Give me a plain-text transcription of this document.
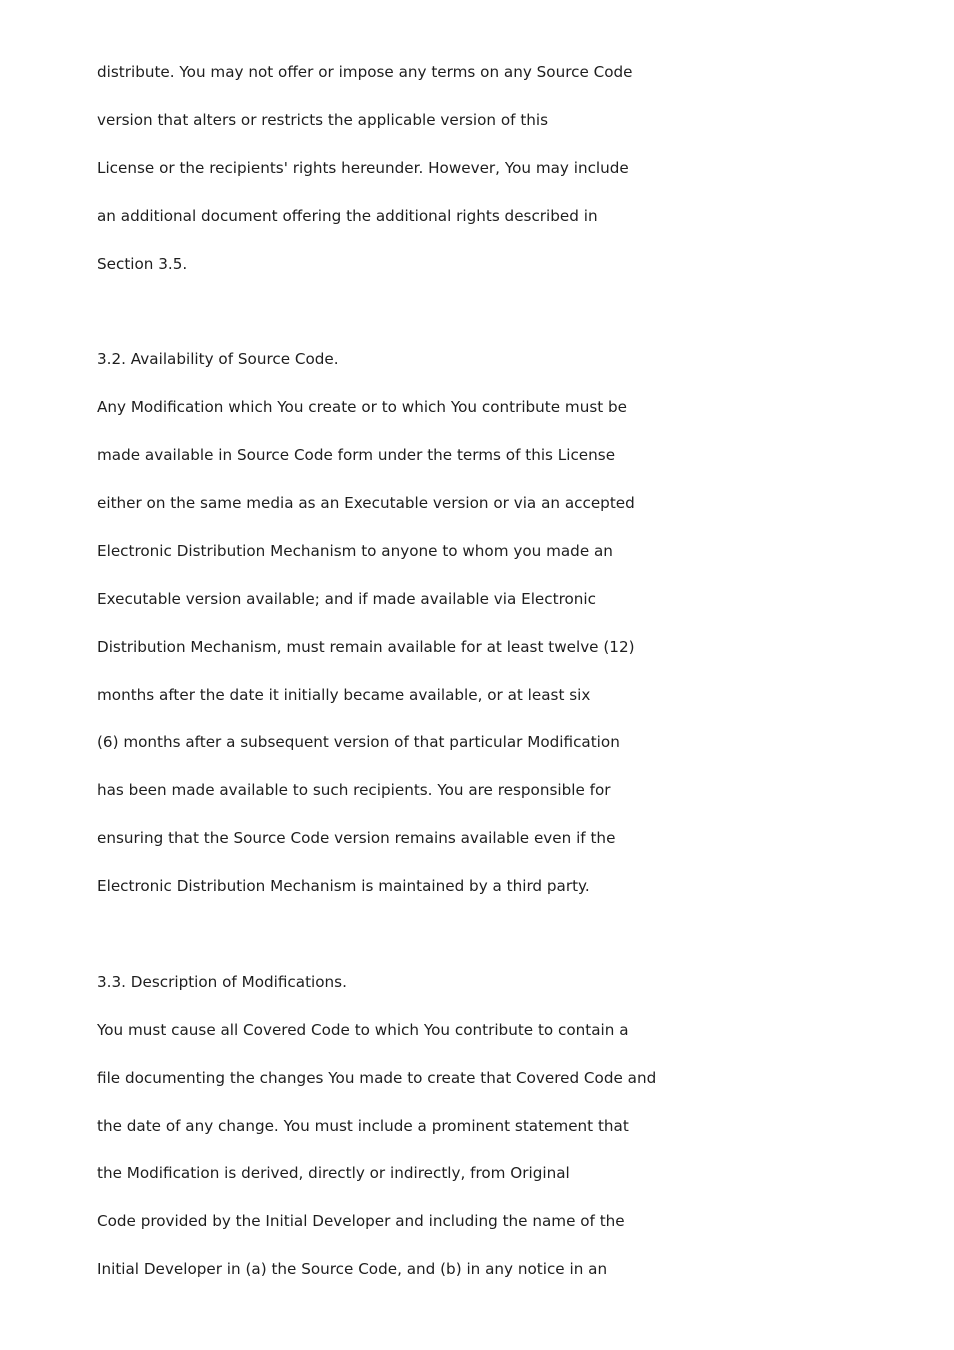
distribute. You may not offer or impose any terms on any Source Code
version that alters or restricts the applicable version of this
License or the recipients' rights hereunder. However, You may include
an additional document offering the additional rights described in
Section 3.5.
3.2. Availability of Source Code.
Any Modification which You create or to which You contribute must be
made available in Source Code form under the terms of this License
either on the same media as an Executable version or via an accepted
Electronic Distribution Mechanism to anyone to whom you made an
Executable version available; and if made available via Electronic
Distribution Mechanism, must remain available for at least twelve (12)
months after the date it initially became available, or at least six
(6) months after a subsequent version of that particular Modification
has been made available to such recipients. You are responsible for
ensuring that the Source Code version remains available even if the
Electronic Distribution Mechanism is maintained by a third party.
3.3. Description of Modifications.
You must cause all Covered Code to which You contribute to contain a
file documenting the changes You made to create that Covered Code and
the date of any change. You must include a prominent statement that
the Modification is derived, directly or indirectly, from Original
Code provided by the Initial Developer and including the name of the
Initial Developer in (a) the Source Code, and (b) in any notice in an
